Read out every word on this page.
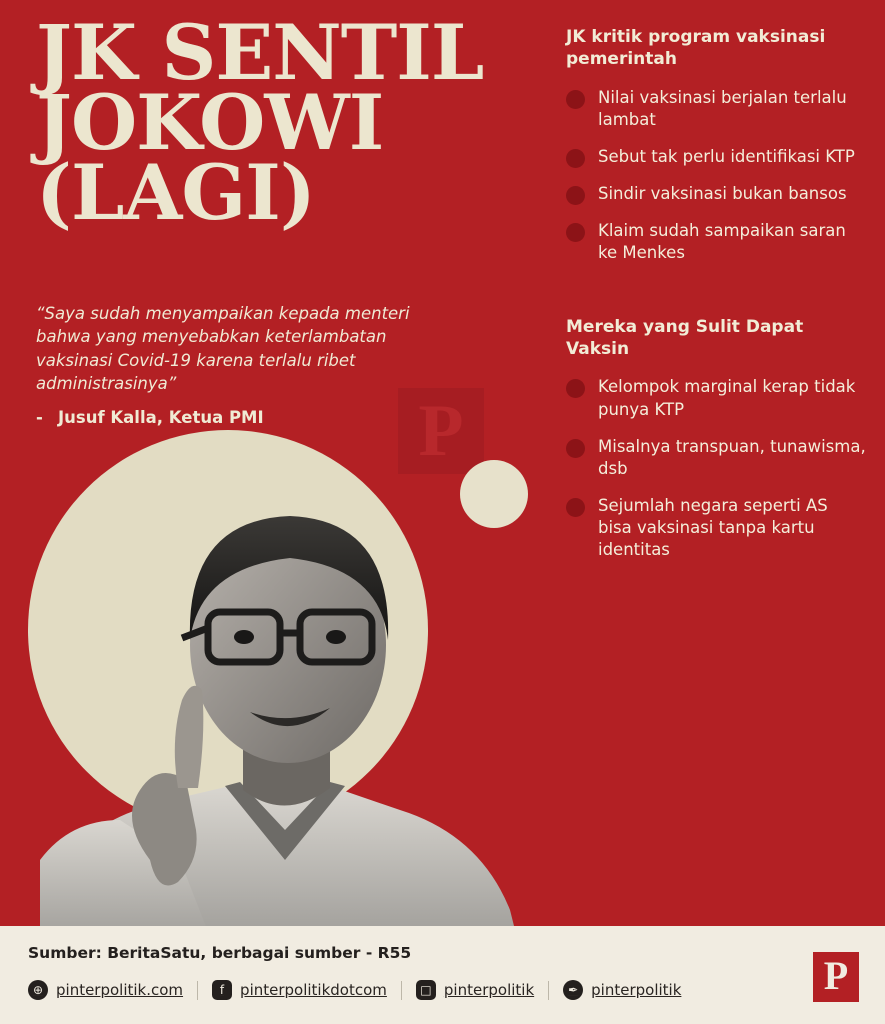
P
JK SENTIL
JOKOWI
(LAGI)
“Saya sudah menyampaikan kepada menteri bahwa yang menyebabkan keterlambatan vaksinasi Covid-19 karena terlalu ribet administrasinya”
- Jusuf Kalla, Ketua PMI
JK kritik program vaksinasi pemerintah
Nilai vaksinasi berjalan terlalu lambat
Sebut tak perlu identifikasi KTP
Sindir vaksinasi bukan bansos
Klaim sudah sampaikan saran ke Menkes
Mereka yang Sulit Dapat Vaksin
Kelompok marginal kerap tidak punya KTP
Misalnya transpuan, tunawisma, dsb
Sejumlah negara seperti AS bisa vaksinasi tanpa kartu identitas
Sumber: BeritaSatu, berbagai sumber - R55
⊕ pinterpolitik.com	f	pinterpolitikdotcom	□ pinterpolitik	✒ pinterpolitik	P
